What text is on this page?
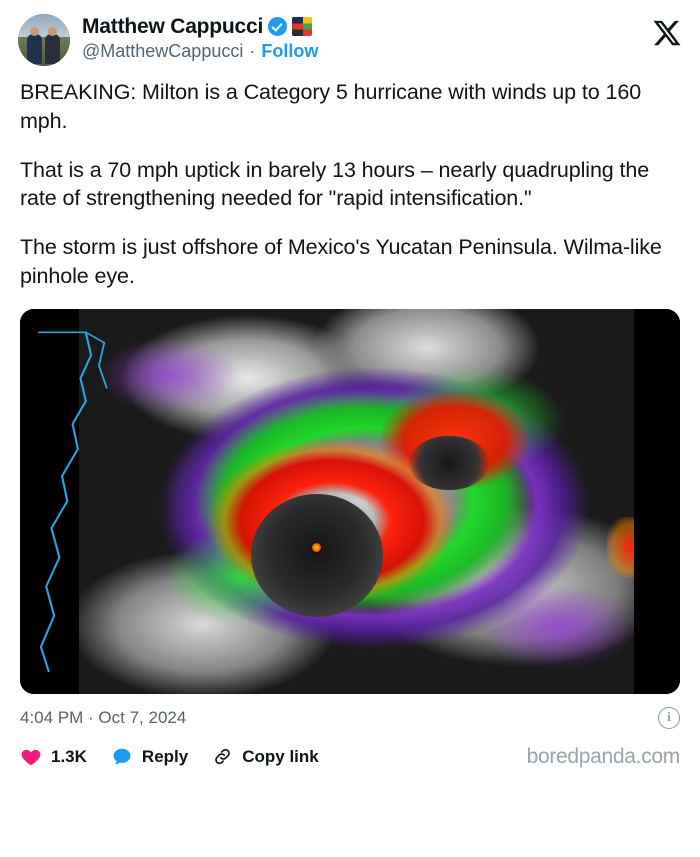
Matthew Cappucci
@MatthewCappucci · Follow

BREAKING: Milton is a Category 5 hurricane with winds up to 160 mph.

That is a 70 mph uptick in barely 13 hours – nearly quadrupling the rate of strengthening needed for "rapid intensification."

The storm is just offshore of Mexico's Yucatan Peninsula. Wilma-like pinhole eye.

4:04 PM · Oct 7, 2024	i
1.3K	Reply	Copy link	boredpanda.com
